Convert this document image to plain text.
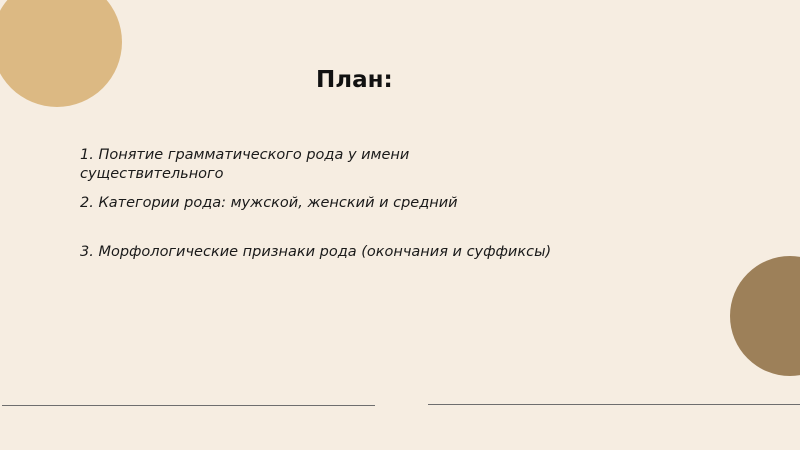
План:

1. Понятие грамматического рода у имени существительного

2. Категории рода: мужской, женский и средний

3. Морфологические признаки рода (окончания и суффиксы)
